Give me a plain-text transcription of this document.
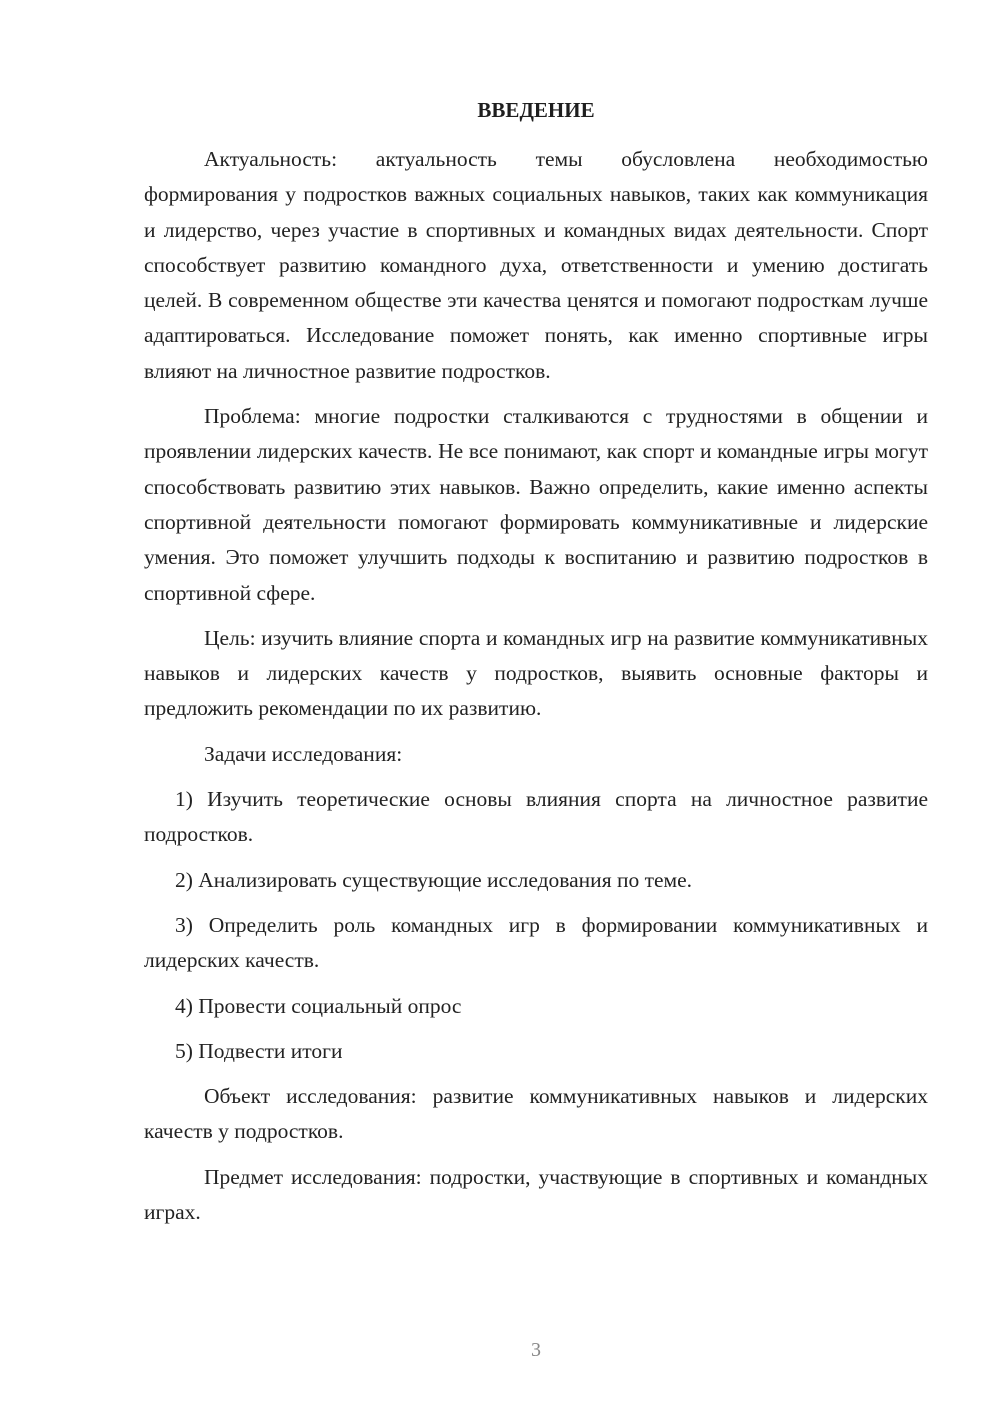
ВВЕДЕНИЕ

Актуальность: актуальность темы обусловлена необходимостью формирования у подростков важных социальных навыков, таких как коммуникация и лидерство, через участие в спортивных и командных видах деятельности. Спорт способствует развитию командного духа, ответственности и умению достигать целей. В современном обществе эти качества ценятся и помогают подросткам лучше адаптироваться. Исследование поможет понять, как именно спортивные игры влияют на личностное развитие подростков.

Проблема: многие подростки сталкиваются с трудностями в общении и проявлении лидерских качеств. Не все понимают, как спорт и командные игры могут способствовать развитию этих навыков. Важно определить, какие именно аспекты спортивной деятельности помогают формировать коммуникативные и лидерские умения. Это поможет улучшить подходы к воспитанию и развитию подростков в спортивной сфере.

Цель: изучить влияние спорта и командных игр на развитие коммуникативных навыков и лидерских качеств у подростков, выявить основные факторы и предложить рекомендации по их развитию.

Задачи исследования:

1) Изучить теоретические основы влияния спорта на личностное развитие подростков.

2) Анализировать существующие исследования по теме.

3) Определить роль командных игр в формировании коммуникативных и лидерских качеств.

4) Провести социальный опрос

5) Подвести итоги

Объект исследования: развитие коммуникативных навыков и лидерских качеств у подростков.

Предмет исследования: подростки, участвующие в спортивных и командных играх.

3
